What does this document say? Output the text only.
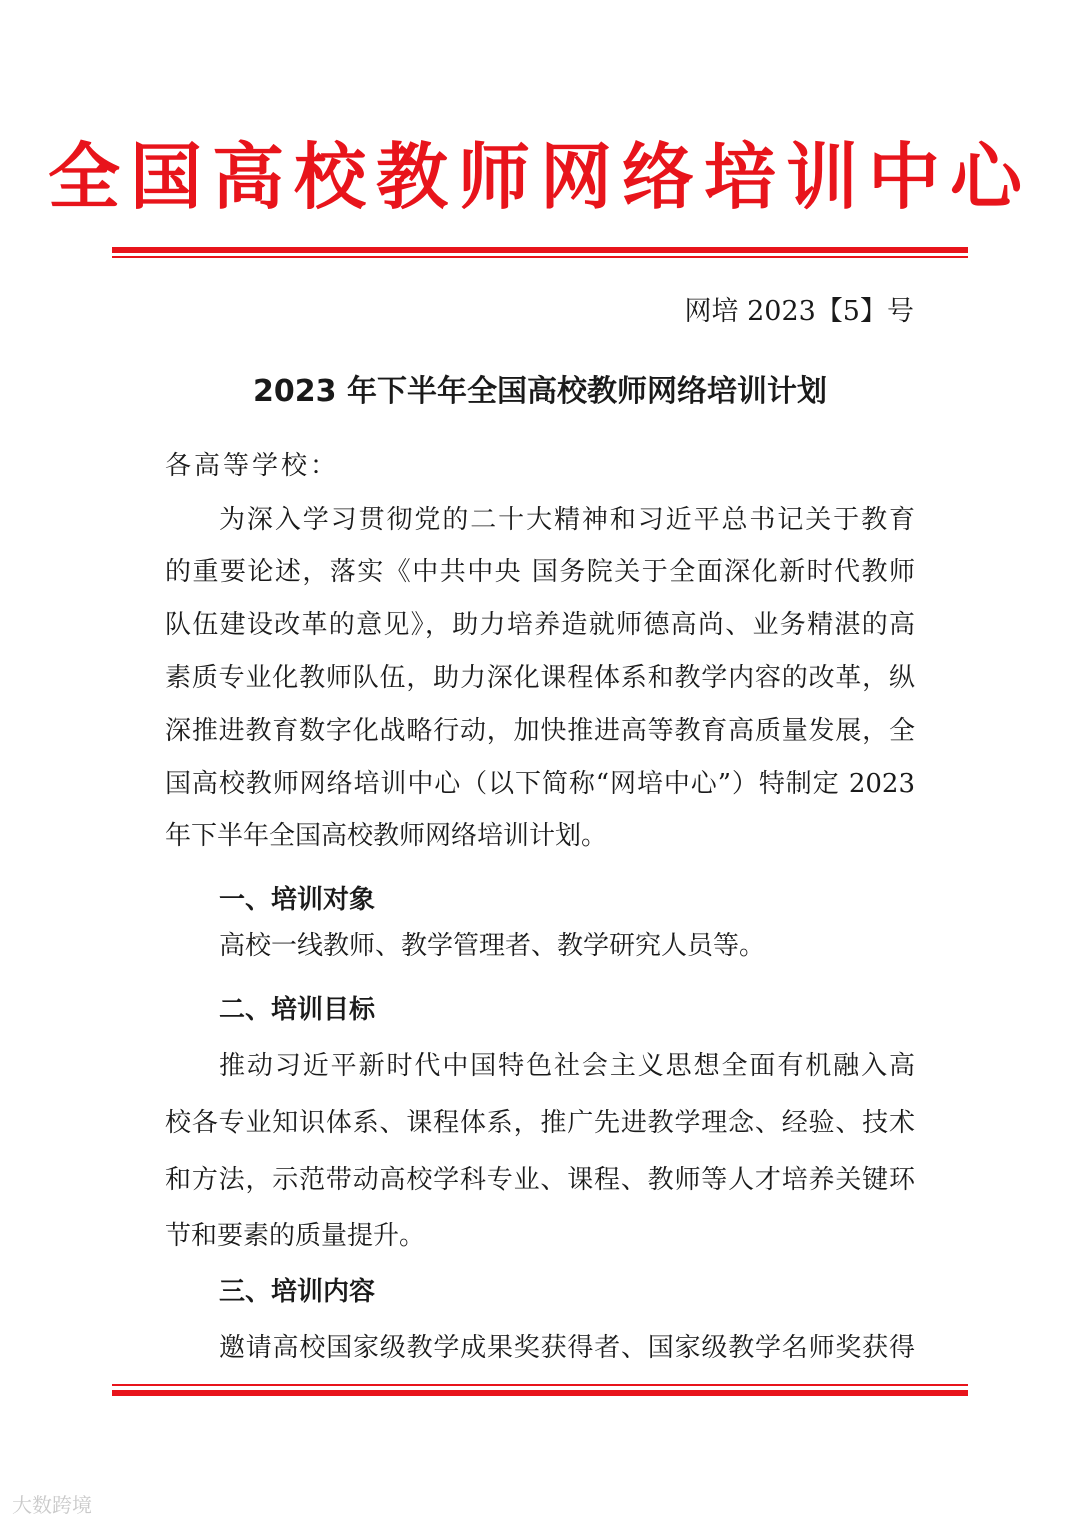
全国高校教师网络培训中心

网培 2023【5】号

2023 年下半年全国高校教师网络培训计划

各高等学校：

为深入学习贯彻党的二十大精神和习近平总书记关于教育

的重要论述，落实《中共中央 国务院关于全面深化新时代教师

队伍建设改革的意见》，助力培养造就师德高尚、业务精湛的高

素质专业化教师队伍，助力深化课程体系和教学内容的改革，纵

深推进教育数字化战略行动，加快推进高等教育高质量发展，全

国高校教师网络培训中心（以下简称“网培中心”）特制定 2023

年下半年全国高校教师网络培训计划。

一、培训对象

高校一线教师、教学管理者、教学研究人员等。

二、培训目标

推动习近平新时代中国特色社会主义思想全面有机融入高

校各专业知识体系、课程体系，推广先进教学理念、经验、技术

和方法，示范带动高校学科专业、课程、教师等人才培养关键环

节和要素的质量提升。

三、培训内容

邀请高校国家级教学成果奖获得者、国家级教学名师奖获得

大数跨境
